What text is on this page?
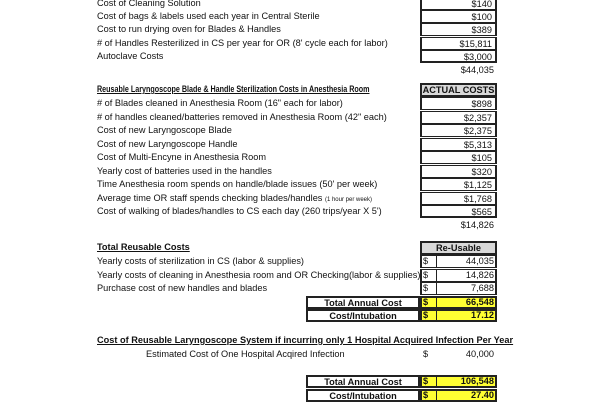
Cost of Cleaning Solution	$140
Cost of bags & labels used each year in Central Sterile	$100
Cost to run drying oven for Blades & Handles	$389
# of Handles Resterilized in CS per year for OR (8' cycle each for labor)	$15,811
Autoclave Costs	$3,000
$44,035
Reusable Laryngoscope Blade & Handle Sterilization Costs in Anesthesia Room	ACTUAL COSTS
# of Blades cleaned in Anesthesia Room (16" each for labor)	$898
# of handles cleaned/batteries removed in Anesthesia Room (42" each)	$2,357
Cost of new Laryngoscope Blade	$2,375
Cost of new Laryngoscope Handle	$5,313
Cost of Multi-Encyne in Anesthesia Room	$105
Yearly cost of batteries used in the handles	$320
Time Anesthesia room spends on handle/blade issues (50' per week)	$1,125
Average time OR staff spends checking blades/handles (1 hour per week)	$1,768
Cost of walking of blades/handles to CS each day (260 trips/year X 5')	$565
$14,826
Total Reusable Costs	Re-Usable
Yearly costs of sterilization in CS (labor & supplies)	$	44,035
Yearly costs of cleaning in Anesthesia room and OR Checking(labor & supplies) $	14,826
Purchase cost of new handles and blades	$	7,688
Total Annual Cost	$	66,548
Cost/Intubation	$	17.12
Cost of Reusable Laryngoscope System if incurring only 1 Hospital Acquired Infection Per Year
Estimated Cost of One Hospital Acqired Infection	$	40,000
Total Annual Cost	$	106,548
Cost/Intubation	$	27.40
